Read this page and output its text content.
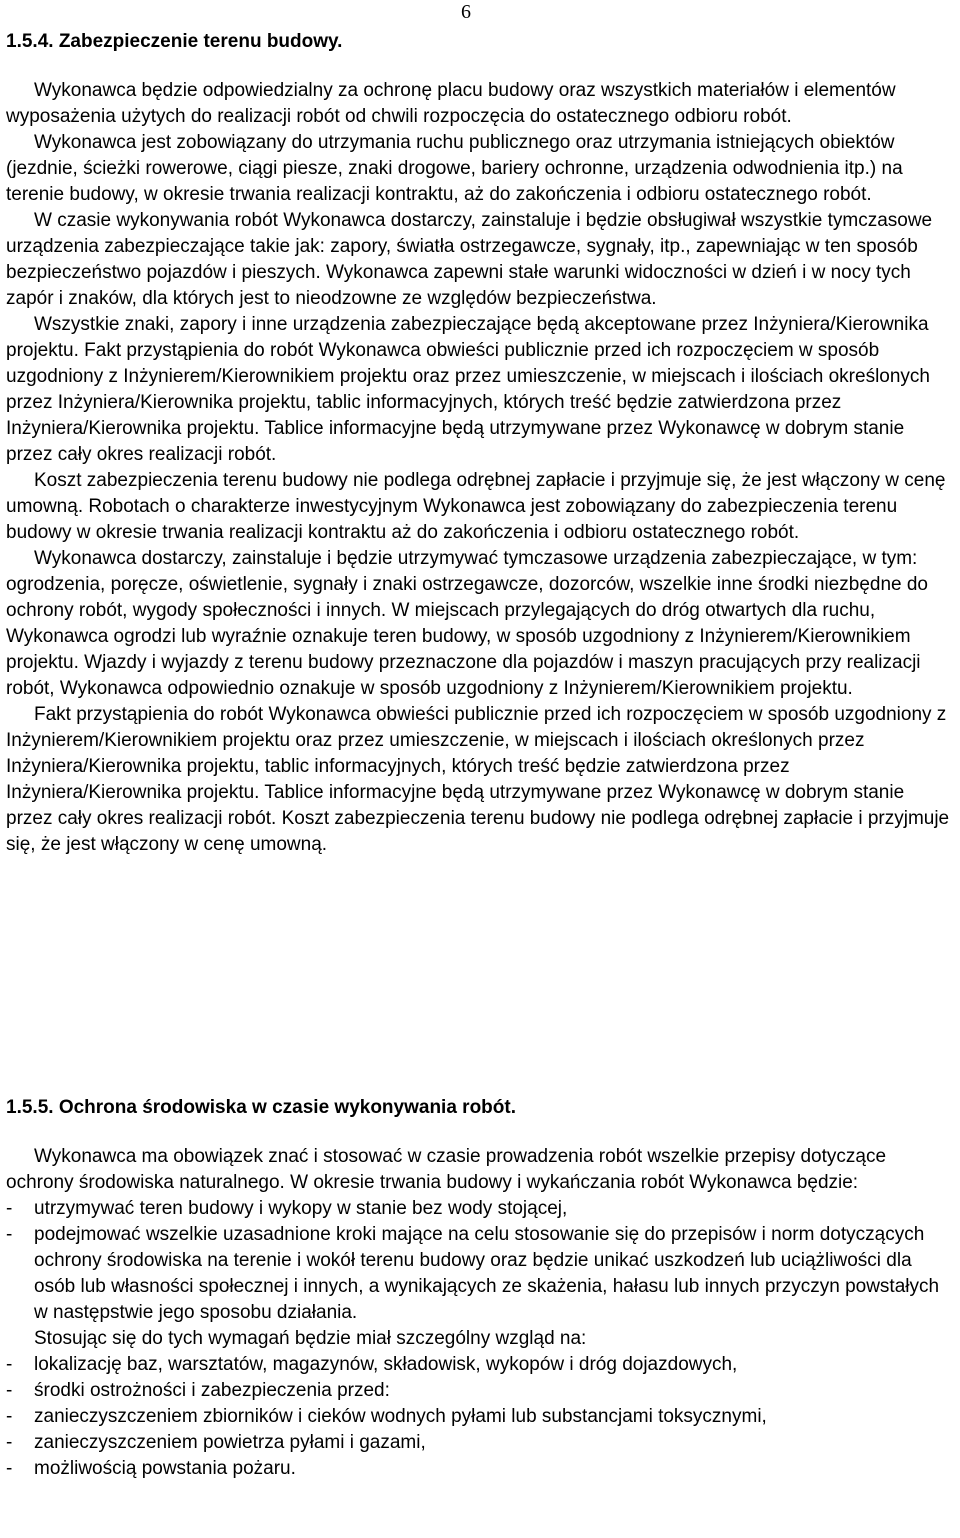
6
1.5.4. Zabezpieczenie terenu budowy.

Wykonawca będzie odpowiedzialny za ochronę placu budowy oraz wszystkich materiałów i elementów wyposażenia użytych do realizacji robót od chwili rozpoczęcia do ostatecznego odbioru robót.

Wykonawca jest zobowiązany do utrzymania ruchu publicznego oraz utrzymania istniejących obiektów (jezdnie, ścieżki rowerowe, ciągi piesze, znaki drogowe, bariery ochronne, urządzenia odwodnienia itp.) na terenie budowy, w okresie trwania realizacji kontraktu, aż do zakończenia i odbioru ostatecznego robót.

W czasie wykonywania robót Wykonawca dostarczy, zainstaluje i będzie obsługiwał wszystkie tymczasowe urządzenia zabezpieczające takie jak: zapory, światła ostrzegawcze, sygnały, itp., zapewniając w ten sposób bezpieczeństwo pojazdów i pieszych. Wykonawca zapewni stałe warunki widoczności w dzień i w nocy tych zapór i znaków, dla których jest to nieodzowne ze względów bezpieczeństwa.

Wszystkie znaki, zapory i inne urządzenia zabezpieczające będą akceptowane przez Inżyniera/Kierownika projektu. Fakt przystąpienia do robót Wykonawca obwieści publicznie przed ich rozpoczęciem w sposób uzgodniony z Inżynierem/Kierownikiem projektu oraz przez umieszczenie, w miejscach i ilościach określonych przez Inżyniera/Kierownika projektu, tablic informacyjnych, których treść będzie zatwierdzona przez Inżyniera/Kierownika projektu. Tablice informacyjne będą utrzymywane przez Wykonawcę w dobrym stanie przez cały okres realizacji robót.

Koszt zabezpieczenia terenu budowy nie podlega odrębnej zapłacie i przyjmuje się, że jest włączony w cenę umowną. Robotach o charakterze inwestycyjnym Wykonawca jest zobowiązany do zabezpieczenia terenu budowy w okresie trwania realizacji kontraktu aż do zakończenia i odbioru ostatecznego robót.

Wykonawca dostarczy, zainstaluje i będzie utrzymywać tymczasowe urządzenia zabezpieczające, w tym: ogrodzenia, poręcze, oświetlenie, sygnały i znaki ostrzegawcze, dozorców, wszelkie inne środki niezbędne do ochrony robót, wygody społeczności i innych. W miejscach przylegających do dróg otwartych dla ruchu, Wykonawca ogrodzi lub wyraźnie oznakuje teren budowy, w sposób uzgodniony z Inżynierem/Kierownikiem projektu. Wjazdy i wyjazdy z terenu budowy przeznaczone dla pojazdów i maszyn pracujących przy realizacji robót, Wykonawca odpowiednio oznakuje w sposób uzgodniony z Inżynierem/Kierownikiem projektu.

Fakt przystąpienia do robót Wykonawca obwieści publicznie przed ich rozpoczęciem w sposób uzgodniony z Inżynierem/Kierownikiem projektu oraz przez umieszczenie, w miejscach i ilościach określonych przez Inżyniera/Kierownika projektu, tablic informacyjnych, których treść będzie zatwierdzona przez Inżyniera/Kierownika projektu. Tablice informacyjne będą utrzymywane przez Wykonawcę w dobrym stanie przez cały okres realizacji robót. Koszt zabezpieczenia terenu budowy nie podlega odrębnej zapłacie i przyjmuje się, że jest włączony w cenę umowną.

1.5.5. Ochrona środowiska w czasie wykonywania robót.

Wykonawca ma obowiązek znać i stosować w czasie prowadzenia robót wszelkie przepisy dotyczące ochrony środowiska naturalnego. W okresie trwania budowy i wykańczania robót Wykonawca będzie:

- utrzymywać teren budowy i wykopy w stanie bez wody stojącej,
- podejmować wszelkie uzasadnione kroki mające na celu stosowanie się do przepisów i norm dotyczących ochrony środowiska na terenie i wokół terenu budowy oraz będzie unikać uszkodzeń lub uciążliwości dla osób lub własności społecznej i innych, a wynikających ze skażenia, hałasu lub innych przyczyn powstałych w następstwie jego sposobu działania.

Stosując się do tych wymagań będzie miał szczególny wzgląd na:

- lokalizację baz, warsztatów, magazynów, składowisk, wykopów i dróg dojazdowych,
- środki ostrożności i zabezpieczenia przed:
- zanieczyszczeniem zbiorników i cieków wodnych pyłami lub substancjami toksycznymi,
- zanieczyszczeniem powietrza pyłami i gazami,
- możliwością powstania pożaru.
